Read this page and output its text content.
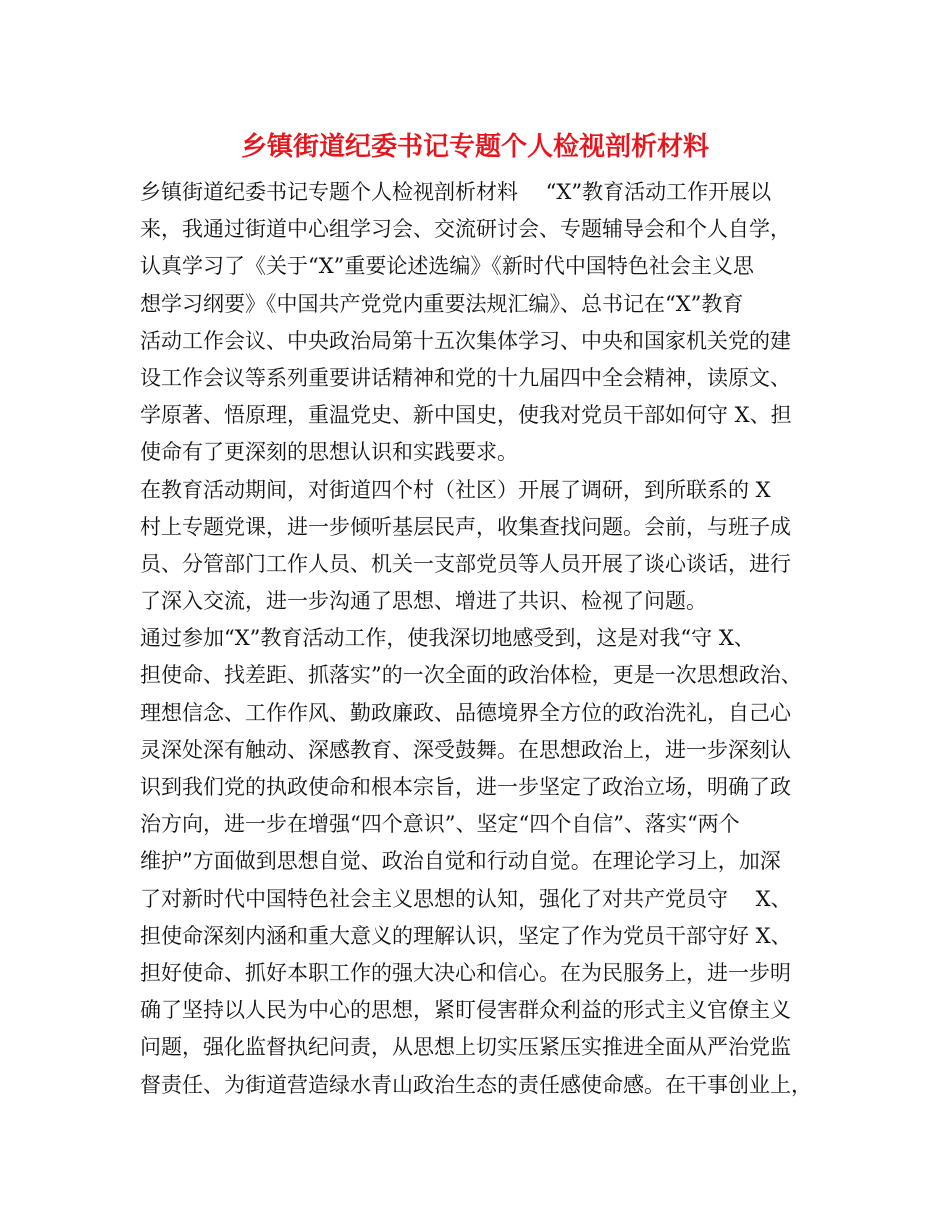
乡镇街道纪委书记专题个人检视剖析材料
乡镇街道纪委书记专题个人检视剖析材料　 “X”教育活动工作开展以
来，我通过街道中心组学习会、交流研讨会、专题辅导会和个人自学，
认真学习了《关于“X”重要论述选编》《新时代中国特色社会主义思
想学习纲要》《中国共产党党内重要法规汇编》、总书记在“X”教育
活动工作会议、中央政治局第十五次集体学习、中央和国家机关党的建
设工作会议等系列重要讲话精神和党的十九届四中全会精神，读原文、
学原著、悟原理，重温党史、新中国史，使我对党员干部如何守 X、担
使命有了更深刻的思想认识和实践要求。
在教育活动期间，对街道四个村（社区）开展了调研，到所联系的 X
村上专题党课，进一步倾听基层民声，收集查找问题。会前，与班子成
员、分管部门工作人员、机关一支部党员等人员开展了谈心谈话，进行
了深入交流，进一步沟通了思想、增进了共识、检视了问题。
通过参加“X”教育活动工作，使我深切地感受到，这是对我“守 X、
担使命、找差距、抓落实”的一次全面的政治体检，更是一次思想政治、
理想信念、工作作风、勤政廉政、品德境界全方位的政治洗礼，自己心
灵深处深有触动、深感教育、深受鼓舞。在思想政治上，进一步深刻认
识到我们党的执政使命和根本宗旨，进一步坚定了政治立场，明确了政
治方向，进一步在增强“四个意识”、坚定“四个自信”、落实“两个
维护”方面做到思想自觉、政治自觉和行动自觉。在理论学习上，加深
了对新时代中国特色社会主义思想的认知，强化了对共产党员守　 X、
担使命深刻内涵和重大意义的理解认识，坚定了作为党员干部守好 X、
担好使命、抓好本职工作的强大决心和信心。在为民服务上，进一步明
确了坚持以人民为中心的思想，紧盯侵害群众利益的形式主义官僚主义
问题，强化监督执纪问责，从思想上切实压紧压实推进全面从严治党监
督责任、为街道营造绿水青山政治生态的责任感使命感。在干事创业上，
